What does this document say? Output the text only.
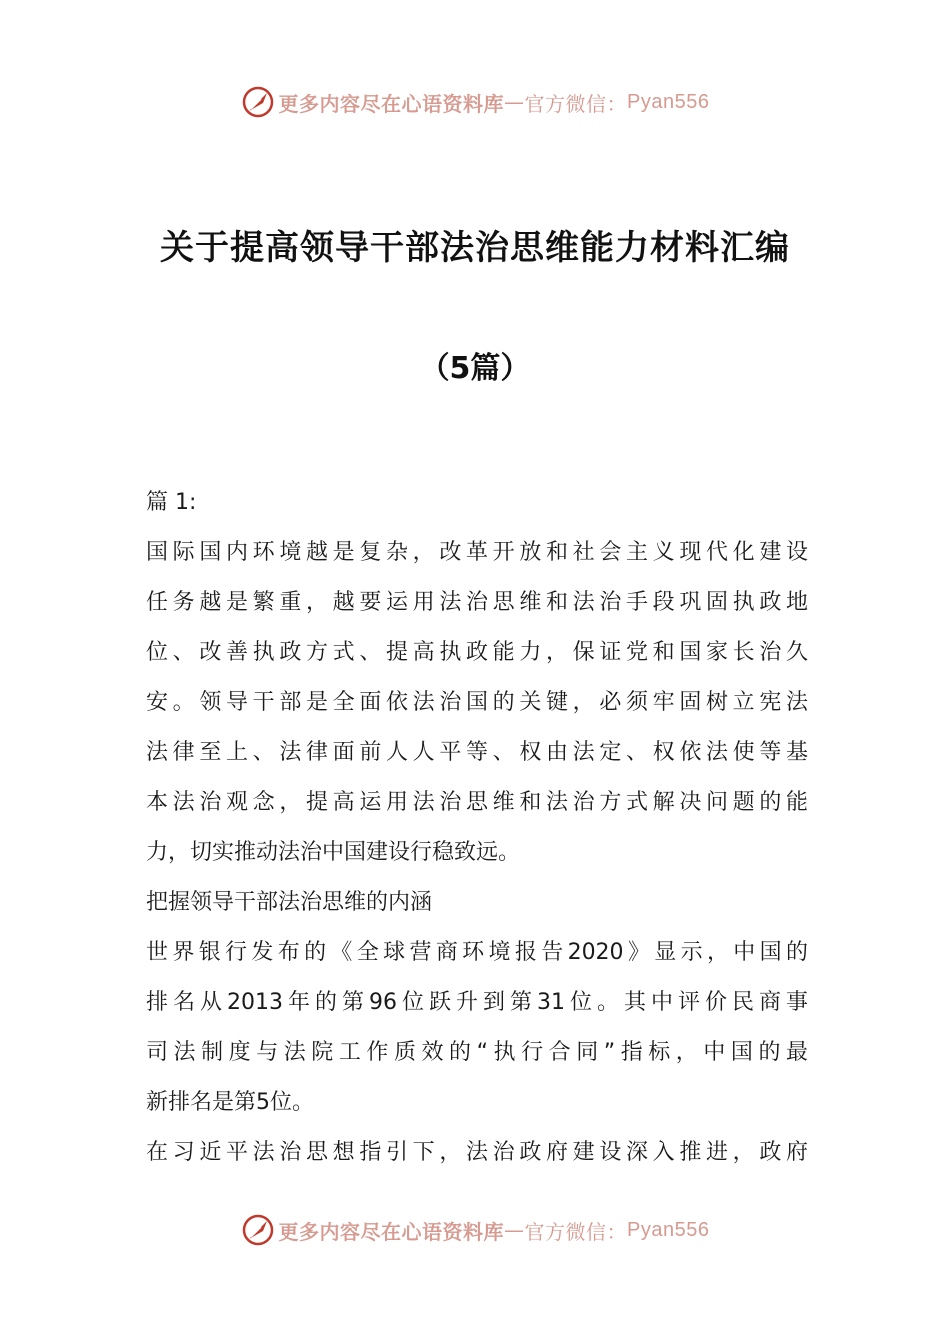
更多内容尽在心语资料库 — 官方微信： Pyan556
关于提高领导干部法治思维能力材料汇编
（5篇）
篇 1:
国际国内环境越是复杂，改革开放和社会主义现代化建设
任务越是繁重，越要运用法治思维和法治手段巩固执政地
位、改善执政方式、提高执政能力，保证党和国家长治久
安。领导干部是全面依法治国的关键，必须牢固树立宪法
法律至上、法律面前人人平等、权由法定、权依法使等基
本法治观念，提高运用法治思维和法治方式解决问题的能
力，切实推动法治中国建设行稳致远。
把握领导干部法治思维的内涵
世界银行发布的《全球营商环境报告2020》显示，中国的
排名从2013年的第96位跃升到第31位。其中评价民商事
司法制度与法院工作质效的“执行合同”指标，中国的最
新排名是第5位。
在习近平法治思想指引下，法治政府建设深入推进，政府
更多内容尽在心语资料库 — 官方微信： Pyan556
